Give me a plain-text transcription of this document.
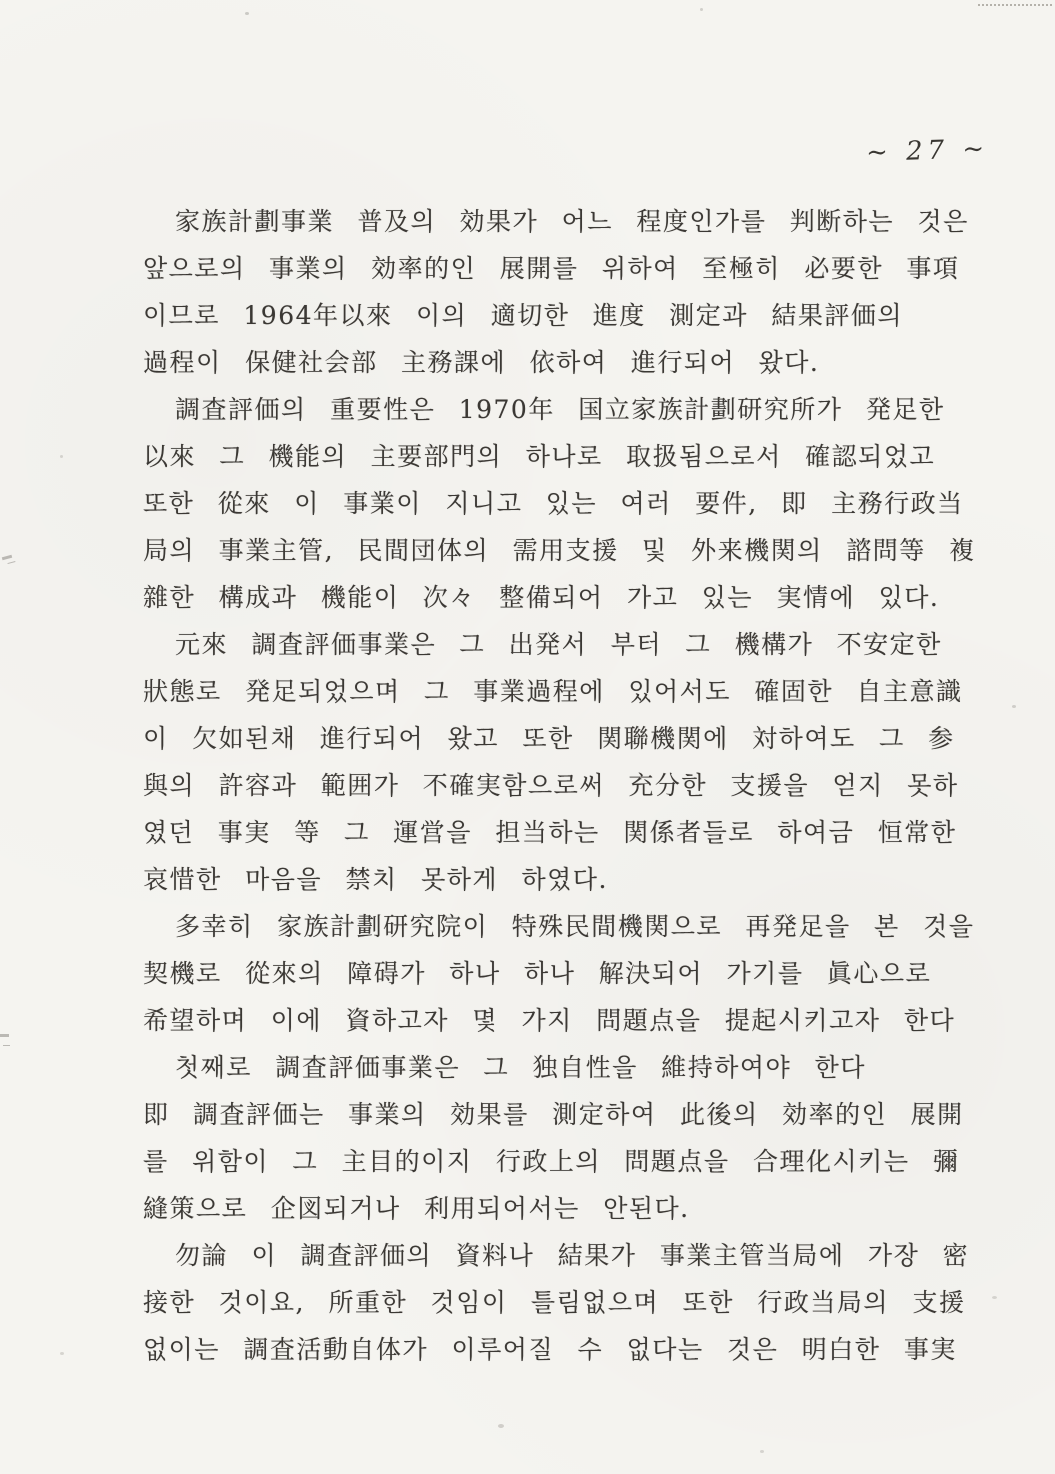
~ 27 ~
家族計劃事業 普及의 効果가 어느 程度인가를 判断하는 것은
앞으로의 事業의 効率的인 展開를 위하여 至極히 必要한 事項
이므로 1964年以來 이의 適切한 進度 測定과 結果評価의
過程이 保健社会部 主務課에 依하여 進行되어 왔다.
調査評価의 重要性은 1970年 国立家族計劃研究所가 発足한
以來 그 機能의 主要部門의 하나로 取扱됨으로서 確認되었고
또한 從來 이 事業이 지니고 있는 여러 要件, 即 主務行政当
局의 事業主管, 民間団体의 需用支援 및 外来機関의 諮問等 複
雜한 構成과 機能이 次々 整備되어 가고 있는 実情에 있다.
元來 調査評価事業은 그 出発서 부터 그 機構가 不安定한
狀態로 発足되었으며 그 事業過程에 있어서도 確固한 自主意識
이 欠如된채 進行되어 왔고 또한 関聯機関에 対하여도 그 参
與의 許容과 範囲가 不確実함으로써 充分한 支援을 얻지 못하
였던 事実 等 그 運営을 担当하는 関係者들로 하여금 恒常한
哀惜한 마음을 禁치 못하게 하였다.
多幸히 家族計劃研究院이 特殊民間機関으로 再発足을 본 것을
契機로 從來의 障碍가 하나 하나 解決되어 가기를 眞心으로
希望하며 이에 資하고자 몇 가지 問題点을 提起시키고자 한다
첫째로 調査評価事業은 그 独自性을 維持하여야 한다
即 調査評価는 事業의 効果를 測定하여 此後의 効率的인 展開
를 위함이 그 主目的이지 行政上의 問題点을 合理化시키는 彌
縫策으로 企図되거나 利用되어서는 안된다.
勿論 이 調査評価의 資料나 結果가 事業主管当局에 가장 密
接한 것이요, 所重한 것임이 틀림없으며 또한 行政当局의 支援
없이는 調査活動自体가 이루어질 수 없다는 것은 明白한 事実
